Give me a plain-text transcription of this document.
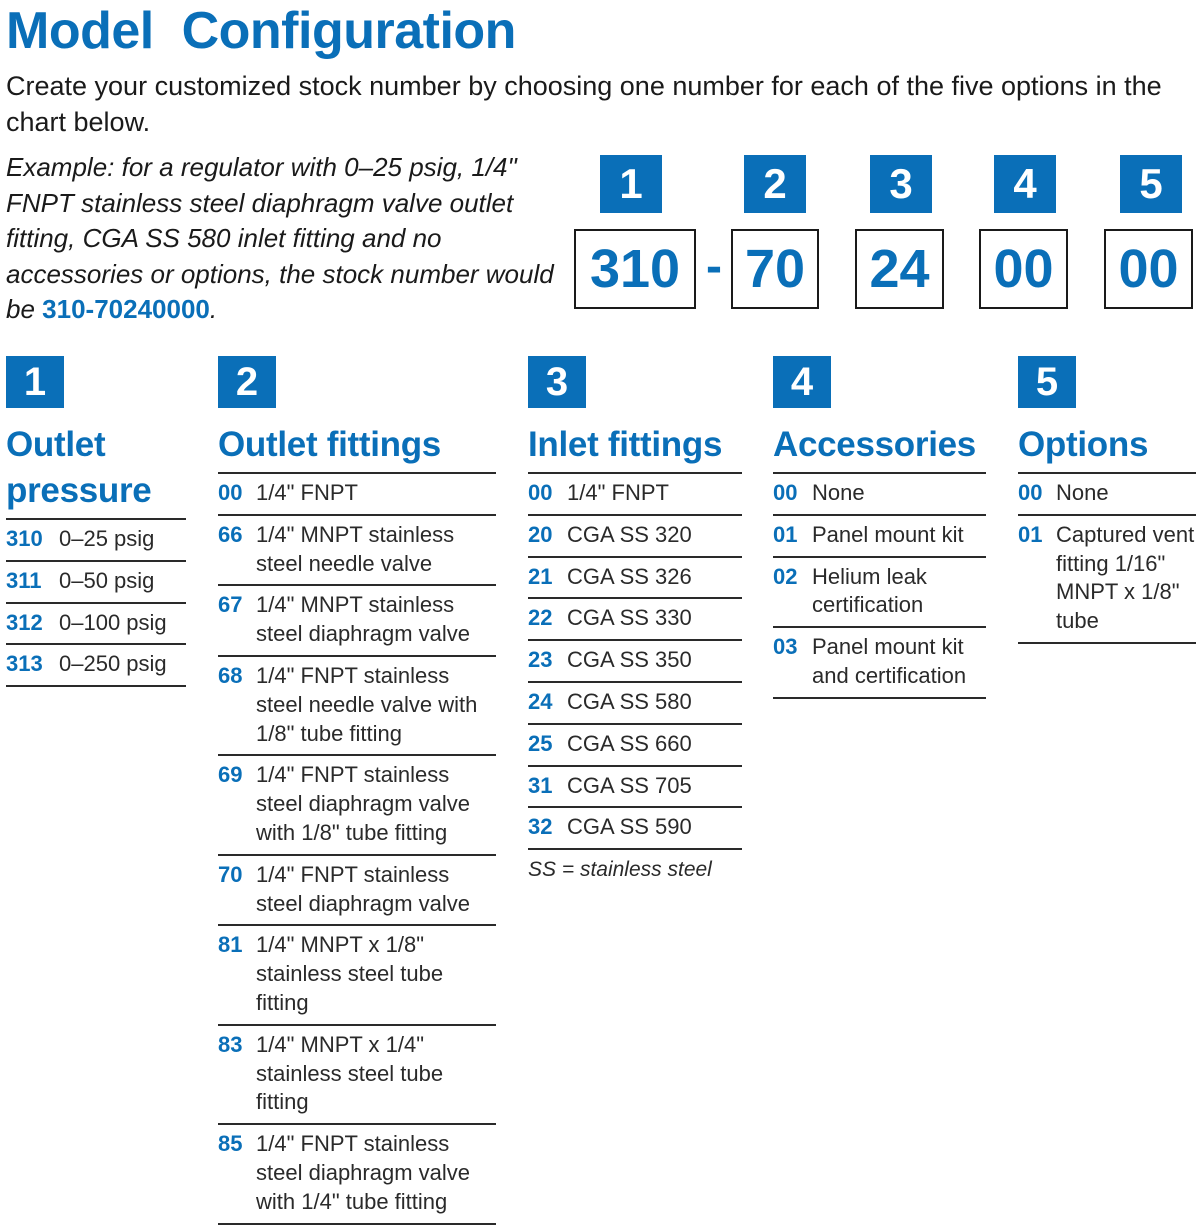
Model  Configuration

Create your customized stock number by choosing one number for each of the five options in the chart below.

Example: for a regulator with 0–25 psig, 1/4" FNPT stainless steel diaphragm valve outlet fitting, CGA SS 580 inlet fitting and no accessories or options, the stock number would be 310-70240000.

1	2	3	4	5
310 - 70 24 00 00
1
Outlet pressure
310 0–25 psig
311 0–50 psig
312 0–100 psig
313 0–250 psig
2
Outlet fittings
00 1/4" FNPT
66 1/4" MNPT stainless steel needle valve
67 1/4" MNPT stainless steel diaphragm valve
68 1/4" FNPT stainless steel needle valve with 1/8" tube fitting
69 1/4" FNPT stainless steel diaphragm valve with 1/8" tube fitting
70 1/4" FNPT stainless steel diaphragm valve
81 1/4" MNPT x 1/8" stainless steel tube fitting
83 1/4" MNPT x 1/4" stainless steel tube fitting
85 1/4" FNPT stainless steel diaphragm valve with 1/4" tube fitting
3
Inlet fittings
00 1/4" FNPT
20 CGA SS 320
21 CGA SS 326
22 CGA SS 330
23 CGA SS 350
24 CGA SS 580
25 CGA SS 660
31 CGA SS 705
32 CGA SS 590
SS = stainless steel
4
Accessories
00 None
01 Panel mount kit
02 Helium leak certification
03 Panel mount kit and certification
5
Options
00 None
01 Captured vent fitting 1/16" MNPT x 1/8" tube
